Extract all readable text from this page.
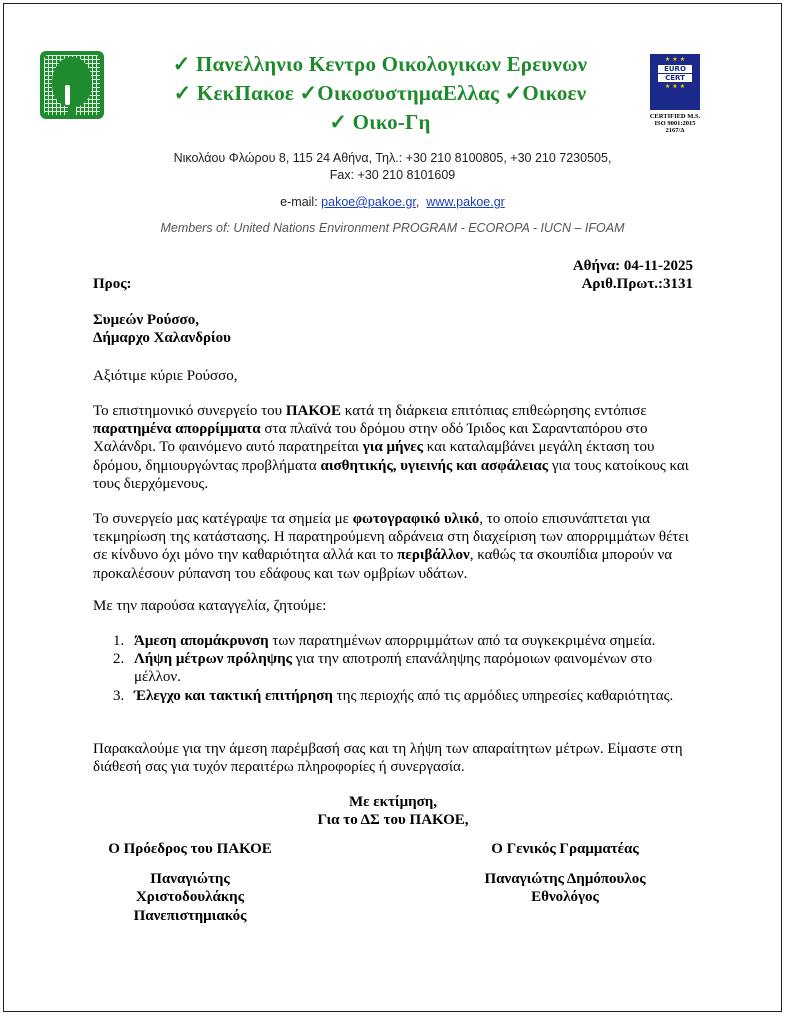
✓ Πανελληνιο Κεντρο Οικολογικων Ερευνων
✓ ΚεκΠακοε ✓ΟικοσυστημαΕλλας ✓Οικοεν
✓ Οικο-Γη
★ ★ ★
EURO
CERT
★ ★ ★
CERTIFIED M.S.
ISO 9001:2015
2167/Δ
Νικολάου Φλώρου 8, 115 24 Αθήνα, Τηλ.: +30 210 8100805, +30 210 7230505,
Fax: +30 210 8101609
e-mail: pakoe@pakoe.gr,  www.pakoe.gr
Members of: United Nations Environment PROGRAM - ECOROPA - IUCN – IFOAM
Αθήνα: 04-11-2025
Αριθ.Πρωτ.:3131
Προς:
Συμεών Ρούσσο,
Δήμαρχο Χαλανδρίου
Αξιότιμε κύριε Ρούσσο,
Το επιστημονικό συνεργείο του ΠΑΚΟΕ κατά τη διάρκεια επιτόπιας επιθεώρησης εντόπισε παρατημένα απορρίμματα στα πλαϊνά του δρόμου στην οδό Ίριδος και Σαρανταπόρου στο Χαλάνδρι. Το φαινόμενο αυτό παρατηρείται για μήνες και καταλαμβάνει μεγάλη έκταση του δρόμου, δημιουργώντας προβλήματα αισθητικής, υγιεινής και ασφάλειας για τους κατοίκους και τους διερχόμενους.
Το συνεργείο μας κατέγραψε τα σημεία με φωτογραφικό υλικό, το οποίο επισυνάπτεται για τεκμηρίωση της κατάστασης. Η παρατηρούμενη αδράνεια στη διαχείριση των απορριμμάτων θέτει σε κίνδυνο όχι μόνο την καθαριότητα αλλά και το περιβάλλον, καθώς τα σκουπίδια μπορούν να προκαλέσουν ρύπανση του εδάφους και των ομβρίων υδάτων.
Με την παρούσα καταγγελία, ζητούμε:
1. Άμεση απομάκρυνση των παρατημένων απορριμμάτων από τα συγκεκριμένα σημεία.
2. Λήψη μέτρων πρόληψης για την αποτροπή επανάληψης παρόμοιων φαινομένων στο μέλλον.
3. Έλεγχο και τακτική επιτήρηση της περιοχής από τις αρμόδιες υπηρεσίες καθαριότητας.
Παρακαλούμε για την άμεση παρέμβασή σας και τη λήψη των απαραίτητων μέτρων. Είμαστε στη διάθεσή σας για τυχόν περαιτέρω πληροφορίες ή συνεργασία.
Με εκτίμηση,
Για το ΔΣ του ΠΑΚΟΕ,
Ο Πρόεδρος του ΠΑΚΟΕ
Παναγιώτης Χριστοδουλάκης
Πανεπιστημιακός
Ο Γενικός Γραμματέας
Παναγιώτης Δημόπουλος
Εθνολόγος
